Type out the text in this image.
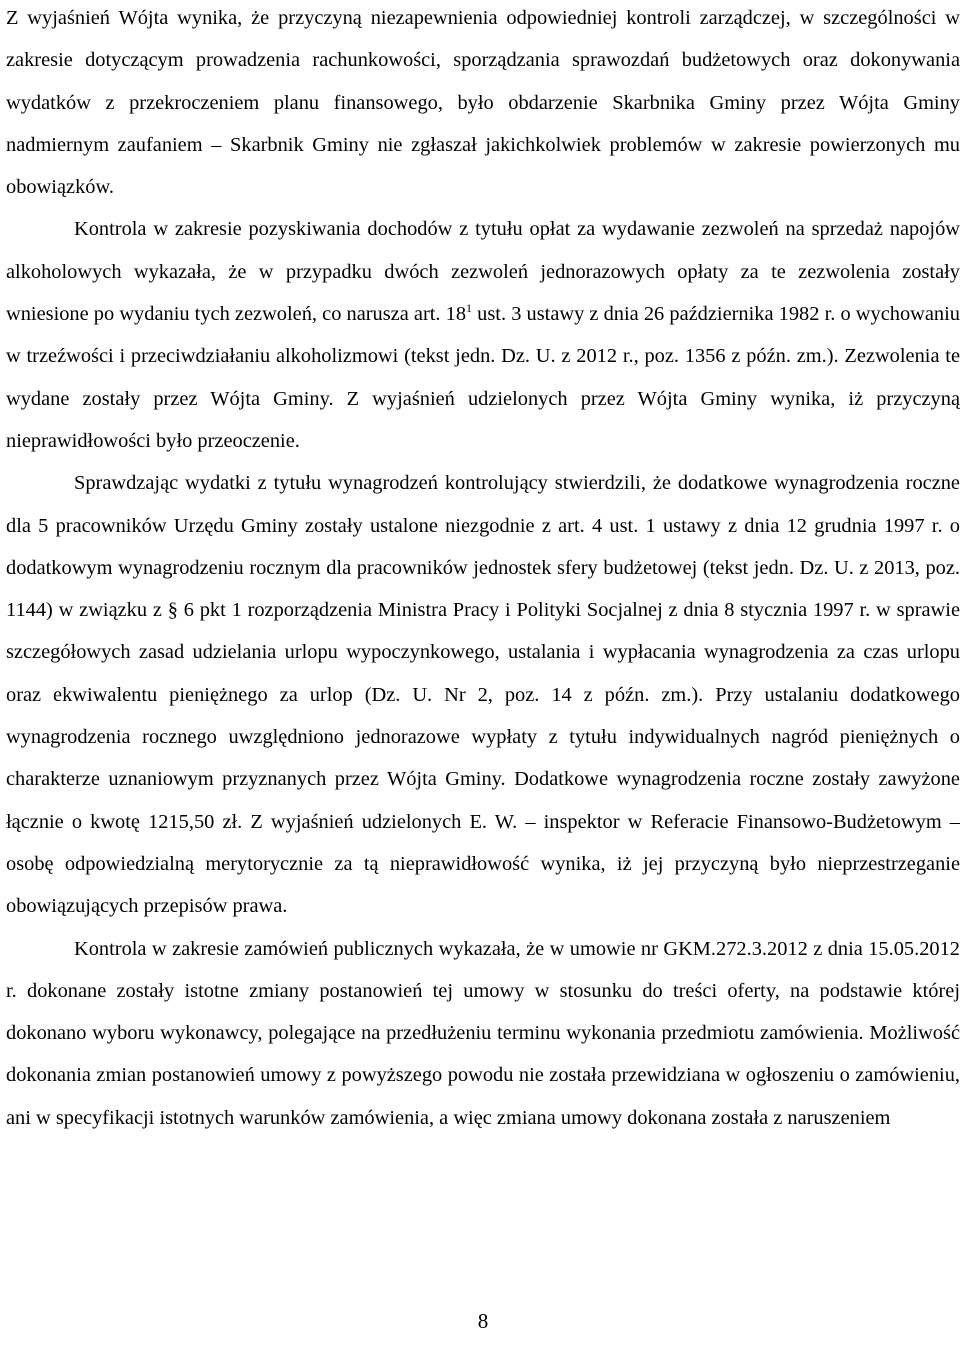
Z wyjaśnień Wójta wynika, że przyczyną niezapewnienia odpowiedniej kontroli zarządczej, w szczególności w zakresie dotyczącym prowadzenia rachunkowości, sporządzania sprawozdań budżetowych oraz dokonywania wydatków z przekroczeniem planu finansowego, było obdarzenie Skarbnika Gminy przez Wójta Gminy nadmiernym zaufaniem – Skarbnik Gminy nie zgłaszał jakichkolwiek problemów w zakresie powierzonych mu obowiązków.

Kontrola w zakresie pozyskiwania dochodów z tytułu opłat za wydawanie zezwoleń na sprzedaż napojów alkoholowych wykazała, że w przypadku dwóch zezwoleń jednorazowych opłaty za te zezwolenia zostały wniesione po wydaniu tych zezwoleń, co narusza art. $18^1$ ust. 3 ustawy z dnia 26 października 1982 r. o wychowaniu w trzeźwości i przeciwdziałaniu alkoholizmowi (tekst jedn. Dz. U. z 2012 r., poz. 1356 z późn. zm.). Zezwolenia te wydane zostały przez Wójta Gminy. Z wyjaśnień udzielonych przez Wójta Gminy wynika, iż przyczyną nieprawidłowości było przeoczenie.

Sprawdzając wydatki z tytułu wynagrodzeń kontrolujący stwierdzili, że dodatkowe wynagrodzenia roczne dla 5 pracowników Urzędu Gminy zostały ustalone niezgodnie z art. 4 ust. 1 ustawy z dnia 12 grudnia 1997 r. o dodatkowym wynagrodzeniu rocznym dla pracowników jednostek sfery budżetowej (tekst jedn. Dz. U. z 2013, poz. 1144) w związku z § 6 pkt 1 rozporządzenia Ministra Pracy i Polityki Socjalnej z dnia 8 stycznia 1997 r. w sprawie szczegółowych zasad udzielania urlopu wypoczynkowego, ustalania i wypłacania wynagrodzenia za czas urlopu oraz ekwiwalentu pieniężnego za urlop (Dz. U. Nr 2, poz. 14 z późn. zm.). Przy ustalaniu dodatkowego wynagrodzenia rocznego uwzględniono jednorazowe wypłaty z tytułu indywidualnych nagród pieniężnych o charakterze uznaniowym przyznanych przez Wójta Gminy. Dodatkowe wynagrodzenia roczne zostały zawyżone łącznie o kwotę 1215,50 zł. Z wyjaśnień udzielonych E. W. – inspektor w Referacie Finansowo-Budżetowym – osobę odpowiedzialną merytorycznie za tą nieprawidłowość wynika, iż jej przyczyną było nieprzestrzeganie obowiązujących przepisów prawa.

Kontrola w zakresie zamówień publicznych wykazała, że w umowie nr GKM.272.3.2012 z dnia 15.05.2012 r. dokonane zostały istotne zmiany postanowień tej umowy w stosunku do treści oferty, na podstawie której dokonano wyboru wykonawcy, polegające na przedłużeniu terminu wykonania przedmiotu zamówienia. Możliwość dokonania zmian postanowień umowy z powyższego powodu nie została przewidziana w ogłoszeniu o zamówieniu, ani w specyfikacji istotnych warunków zamówienia, a więc zmiana umowy dokonana została z naruszeniem

8
